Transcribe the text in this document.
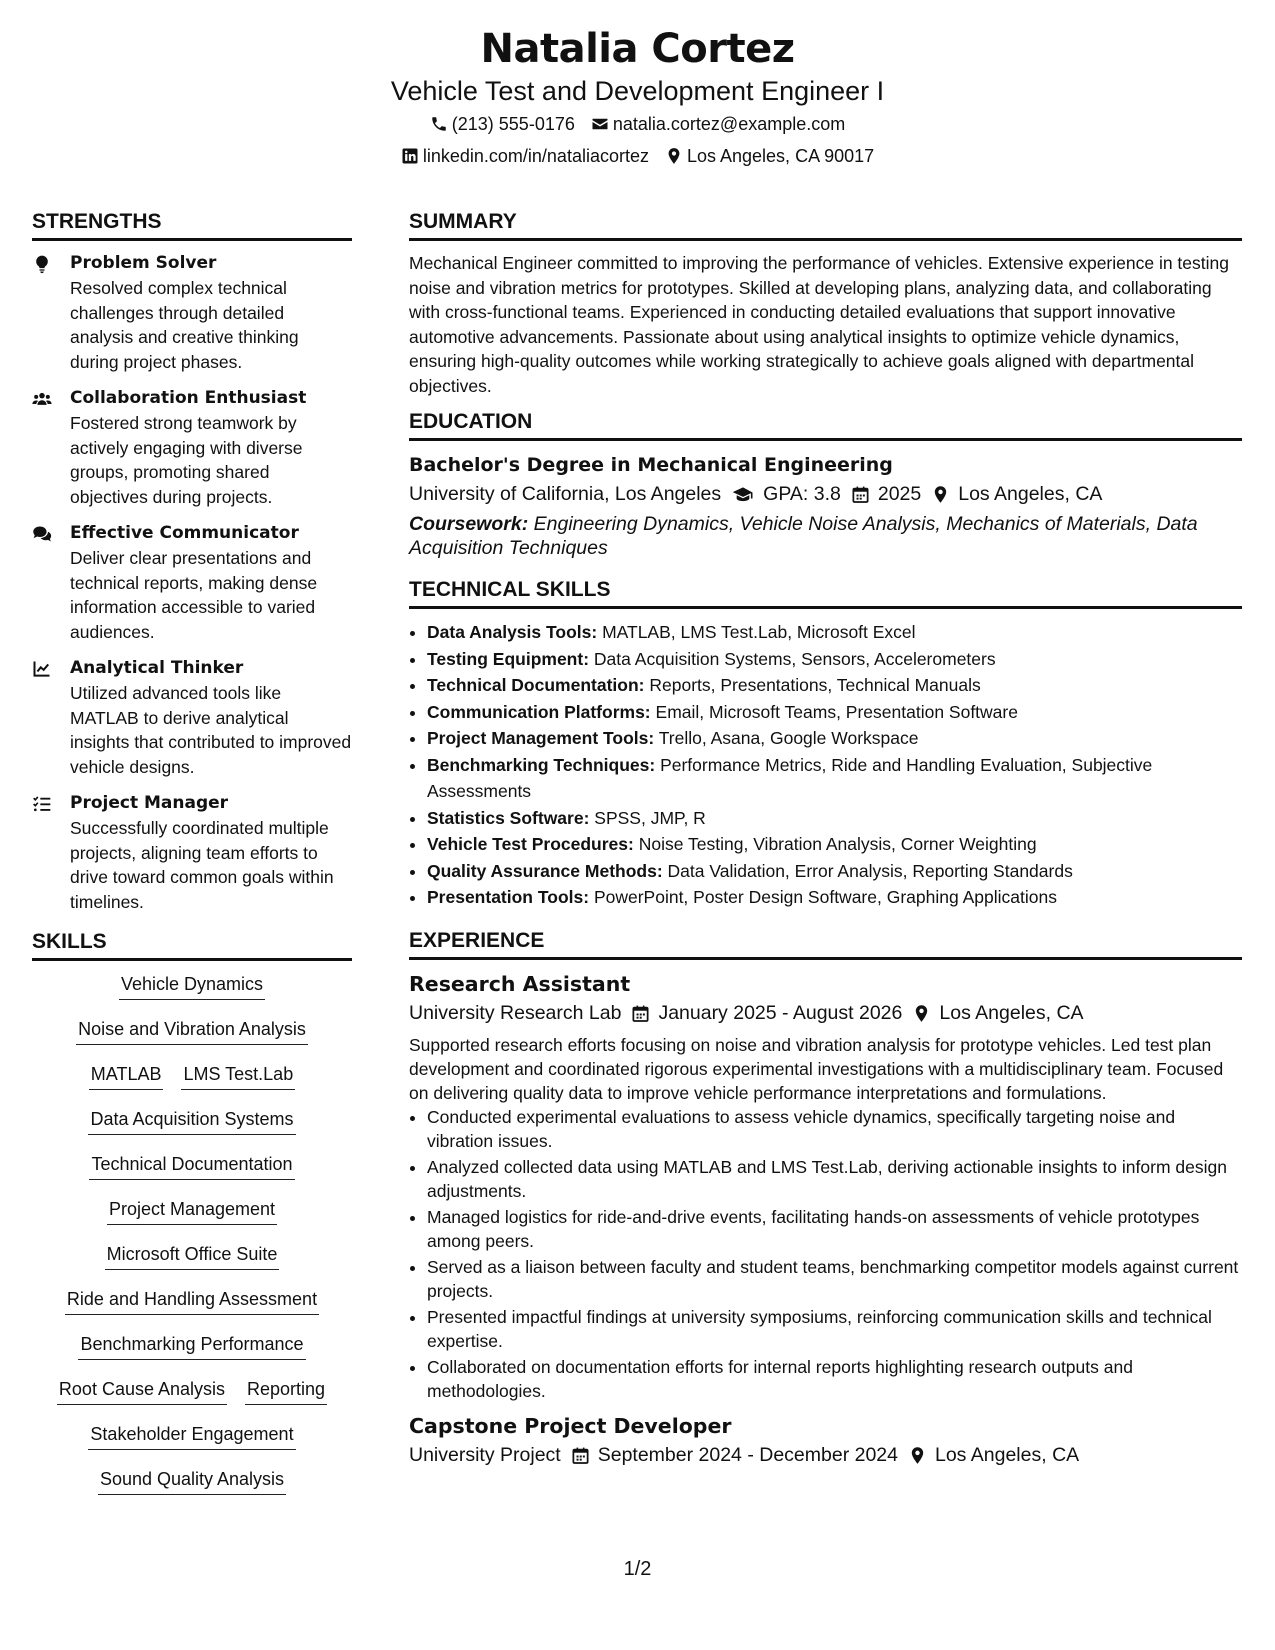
Natalia Cortez
Vehicle Test and Development Engineer I
(213) 555-0176 natalia.cortez@example.com
linkedin.com/in/nataliacortez Los Angeles, CA 90017
STRENGTHS
Problem Solver
Resolved complex technical challenges through detailed analysis and creative thinking during project phases.
Collaboration Enthusiast
Fostered strong teamwork by actively engaging with diverse groups, promoting shared objectives during projects.
Effective Communicator
Deliver clear presentations and technical reports, making dense information accessible to varied audiences.
Analytical Thinker
Utilized advanced tools like MATLAB to derive analytical insights that contributed to improved vehicle designs.
Project Manager
Successfully coordinated multiple projects, aligning team efforts to drive toward common goals within timelines.
SKILLS
Vehicle Dynamics
Noise and Vibration Analysis
MATLAB LMS Test.Lab
Data Acquisition Systems
Technical Documentation
Project Management
Microsoft Office Suite
Ride and Handling Assessment
Benchmarking Performance
Root Cause Analysis Reporting
Stakeholder Engagement
Sound Quality Analysis
SUMMARY
Mechanical Engineer committed to improving the performance of vehicles. Extensive experience in testing noise and vibration metrics for prototypes. Skilled at developing plans, analyzing data, and collaborating with cross-functional teams. Experienced in conducting detailed evaluations that support innovative automotive advancements. Passionate about using analytical insights to optimize vehicle dynamics, ensuring high-quality outcomes while working strategically to achieve goals aligned with departmental objectives.
EDUCATION
Bachelor's Degree in Mechanical Engineering
University of California, Los Angeles GPA: 3.8 2025 Los Angeles, CA
Coursework: Engineering Dynamics, Vehicle Noise Analysis, Mechanics of Materials, Data Acquisition Techniques
TECHNICAL SKILLS
• Data Analysis Tools: MATLAB, LMS Test.Lab, Microsoft Excel
• Testing Equipment: Data Acquisition Systems, Sensors, Accelerometers
• Technical Documentation: Reports, Presentations, Technical Manuals
• Communication Platforms: Email, Microsoft Teams, Presentation Software
• Project Management Tools: Trello, Asana, Google Workspace
• Benchmarking Techniques: Performance Metrics, Ride and Handling Evaluation, Subjective Assessments
• Statistics Software: SPSS, JMP, R
• Vehicle Test Procedures: Noise Testing, Vibration Analysis, Corner Weighting
• Quality Assurance Methods: Data Validation, Error Analysis, Reporting Standards
• Presentation Tools: PowerPoint, Poster Design Software, Graphing Applications
EXPERIENCE
Research Assistant
University Research Lab January 2025 - August 2026 Los Angeles, CA
Supported research efforts focusing on noise and vibration analysis for prototype vehicles. Led test plan development and coordinated rigorous experimental investigations with a multidisciplinary team. Focused on delivering quality data to improve vehicle performance interpretations and formulations.
• Conducted experimental evaluations to assess vehicle dynamics, specifically targeting noise and vibration issues.
• Analyzed collected data using MATLAB and LMS Test.Lab, deriving actionable insights to inform design adjustments.
• Managed logistics for ride-and-drive events, facilitating hands-on assessments of vehicle prototypes among peers.
• Served as a liaison between faculty and student teams, benchmarking competitor models against current projects.
• Presented impactful findings at university symposiums, reinforcing communication skills and technical expertise.
• Collaborated on documentation efforts for internal reports highlighting research outputs and methodologies.
Capstone Project Developer
University Project September 2024 - December 2024 Los Angeles, CA
1/2
